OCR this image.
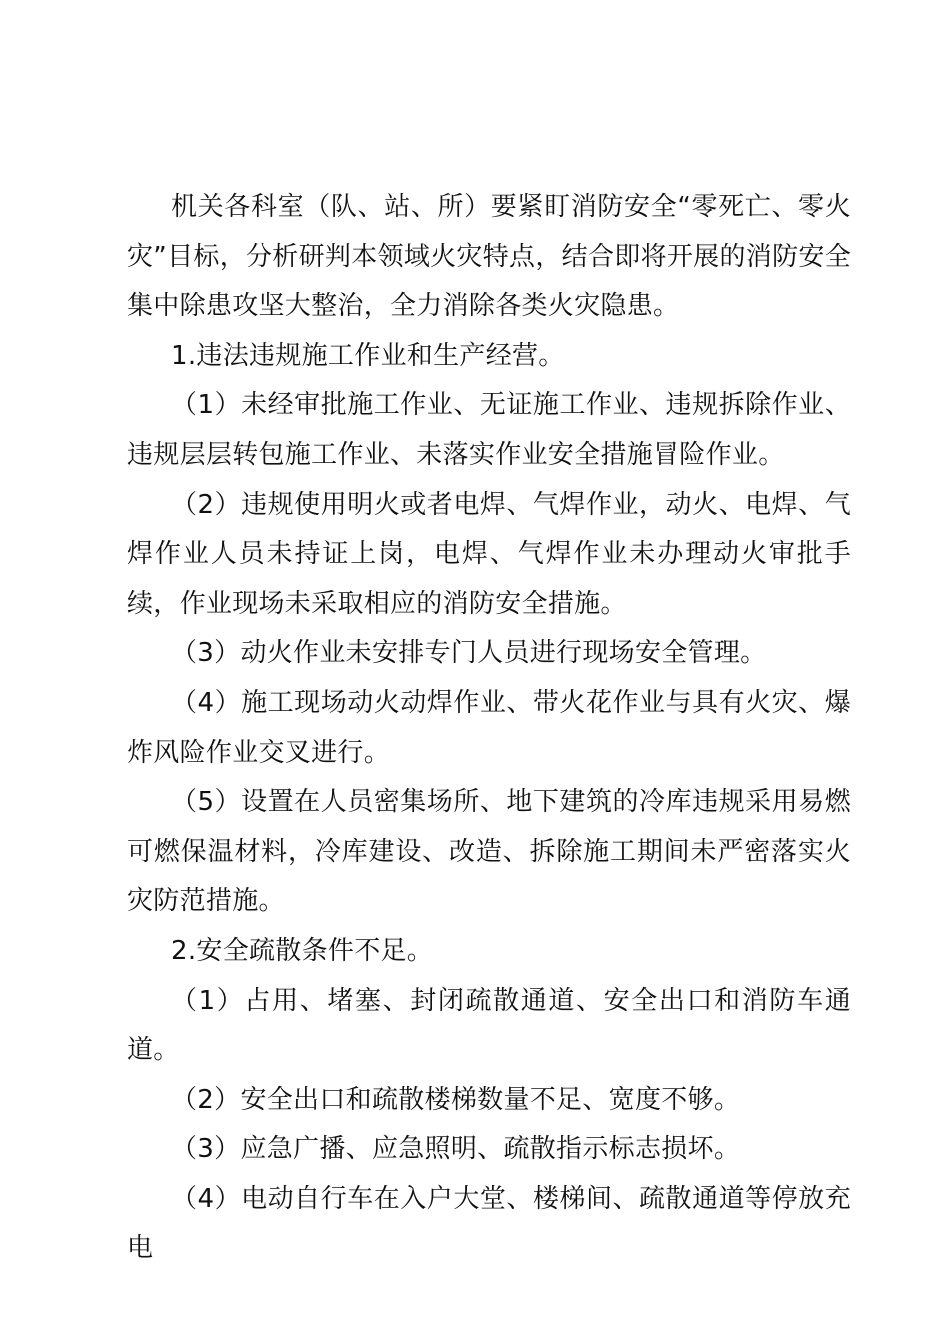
机关各科室（队、站、所）要紧盯消防安全“零死亡、零火灾”目标，分析研判本领域火灾特点，结合即将开展的消防安全集中除患攻坚大整治，全力消除各类火灾隐患。

1.违法违规施工作业和生产经营。

（1）未经审批施工作业、无证施工作业、违规拆除作业、违规层层转包施工作业、未落实作业安全措施冒险作业。

（2）违规使用明火或者电焊、气焊作业，动火、电焊、气焊作业人员未持证上岗，电焊、气焊作业未办理动火审批手续，作业现场未采取相应的消防安全措施。

（3）动火作业未安排专门人员进行现场安全管理。

（4）施工现场动火动焊作业、带火花作业与具有火灾、爆炸风险作业交叉进行。

（5）设置在人员密集场所、地下建筑的冷库违规采用易燃可燃保温材料，冷库建设、改造、拆除施工期间未严密落实火灾防范措施。

2.安全疏散条件不足。

（1）占用、堵塞、封闭疏散通道、安全出口和消防车通道。

（2）安全出口和疏散楼梯数量不足、宽度不够。

（3）应急广播、应急照明、疏散指示标志损坏。

（4）电动自行车在入户大堂、楼梯间、疏散通道等停放充电
